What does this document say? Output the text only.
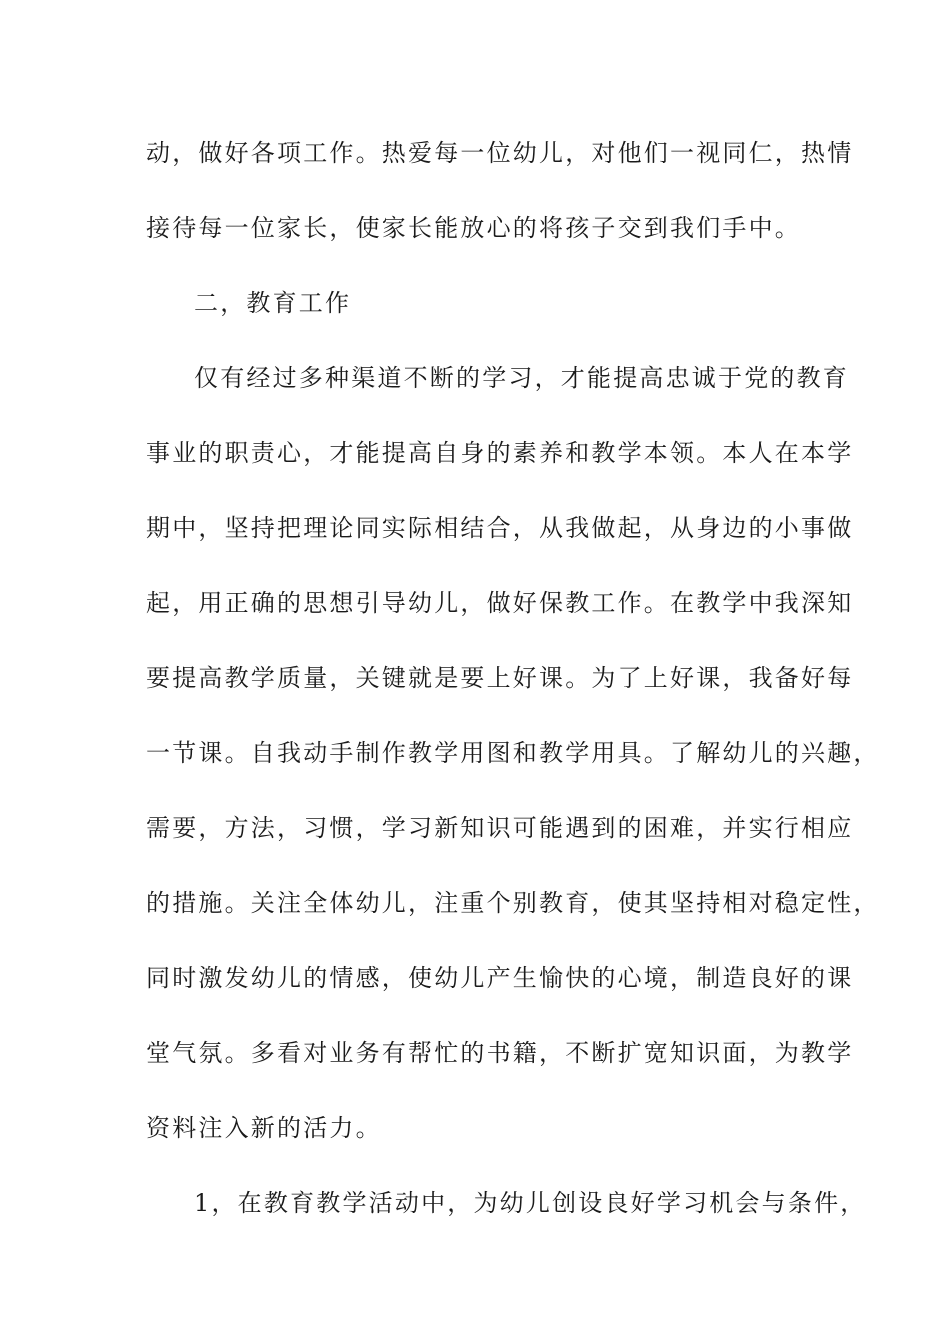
动，做好各项工作。热爱每一位幼儿，对他们一视同仁，热情
接待每一位家长，使家长能放心的将孩子交到我们手中。
二，教育工作
仅有经过多种渠道不断的学习，才能提高忠诚于党的教育
事业的职责心，才能提高自身的素养和教学本领。本人在本学
期中，坚持把理论同实际相结合，从我做起，从身边的小事做
起，用正确的思想引导幼儿，做好保教工作。在教学中我深知
要提高教学质量，关键就是要上好课。为了上好课，我备好每
一节课。自我动手制作教学用图和教学用具。了解幼儿的兴趣，
需要，方法，习惯，学习新知识可能遇到的困难，并实行相应
的措施。关注全体幼儿，注重个别教育，使其坚持相对稳定性，
同时激发幼儿的情感，使幼儿产生愉快的心境，制造良好的课
堂气氛。多看对业务有帮忙的书籍，不断扩宽知识面，为教学
资料注入新的活力。
1，在教育教学活动中，为幼儿创设良好学习机会与条件，
